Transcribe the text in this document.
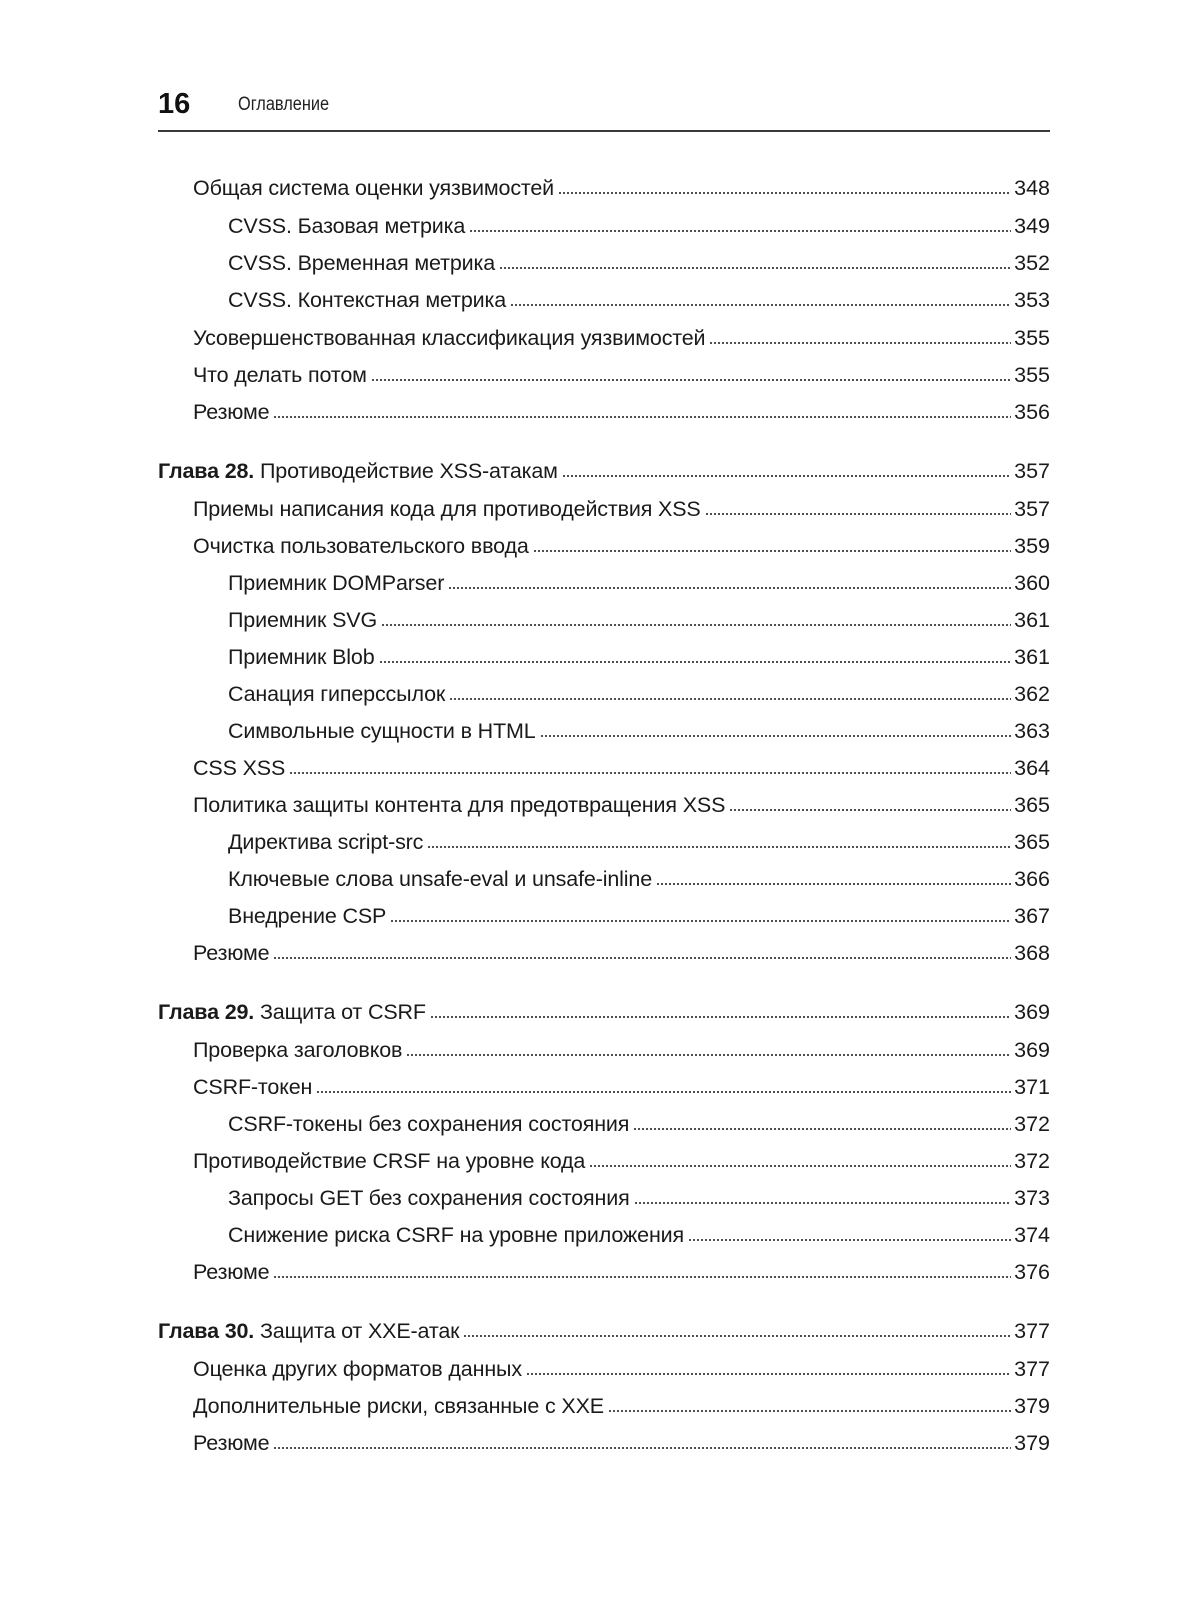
16	Оглавление
Общая система оценки уязвимостей	348
CVSS. Базовая метрика	349
CVSS. Временная метрика	352
CVSS. Контекстная метрика	353
Усовершенствованная классификация уязвимостей	355
Что делать потом	355
Резюме	356
Глава 28. Противодействие XSS-атакам	357
Приемы написания кода для противодействия XSS	357
Очистка пользовательского ввода	359
Приемник DOMParser	360
Приемник SVG	361
Приемник Blob	361
Санация гиперссылок	362
Символьные сущности в HTML	363
CSS XSS	364
Политика защиты контента для предотвращения XSS	365
Директива script-src	365
Ключевые слова unsafe-eval и unsafe-inline	366
Внедрение CSP	367
Резюме	368
Глава 29. Защита от CSRF	369
Проверка заголовков	369
CSRF-токен	371
CSRF-токены без сохранения состояния	372
Противодействие CRSF на уровне кода	372
Запросы GET без сохранения состояния	373
Снижение риска CSRF на уровне приложения	374
Резюме	376
Глава 30. Защита от XXE-атак	377
Оценка других форматов данных	377
Дополнительные риски, связанные с XXE	379
Резюме	379
